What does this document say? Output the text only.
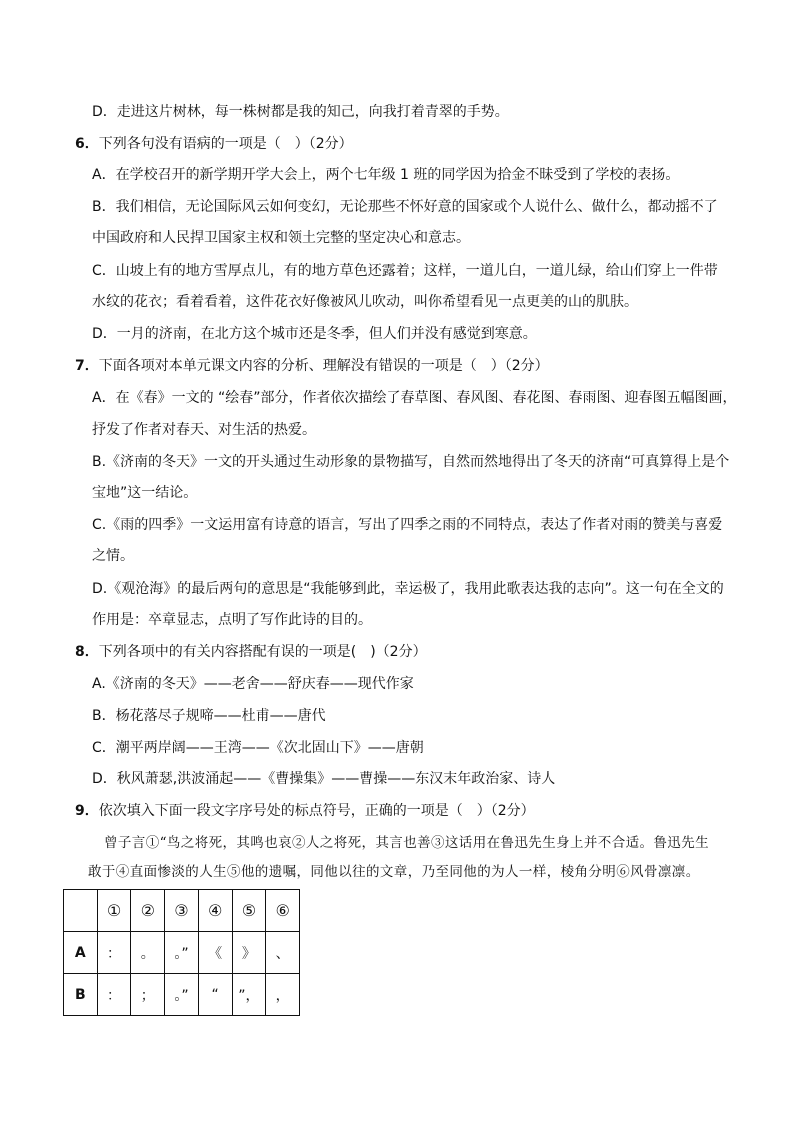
D．走进这片树林，每一株树都是我的知己，向我打着青翠的手势。
6．下列各句没有语病的一项是（　）（2分）
A．在学校召开的新学期开学大会上，两个七年级 1 班的同学因为拾金不昧受到了学校的表扬。
B．我们相信，无论国际风云如何变幻，无论那些不怀好意的国家或个人说什么、做什么，都动摇不了
中国政府和人民捍卫国家主权和领土完整的坚定决心和意志。
C．山坡上有的地方雪厚点儿，有的地方草色还露着；这样，一道儿白，一道儿绿，给山们穿上一件带
水纹的花衣；看着看着，这件花衣好像被风儿吹动，叫你希望看见一点更美的山的肌肤。
D．一月的济南，在北方这个城市还是冬季，但人们并没有感觉到寒意。
7．下面各项对本单元课文内容的分析、理解没有错误的一项是（　）（2分）
A．在《春》一文的 “绘春”部分，作者依次描绘了春草图、春风图、春花图、春雨图、迎春图五幅图画，
抒发了作者对春天、对生活的热爱。
B.《济南的冬天》一文的开头通过生动形象的景物描写，自然而然地得出了冬天的济南“可真算得上是个
宝地”这一结论。
C.《雨的四季》一文运用富有诗意的语言，写出了四季之雨的不同特点，表达了作者对雨的赞美与喜爱
之情。
D.《观沧海》的最后两句的意思是“我能够到此，幸运极了，我用此歌表达我的志向”。这一句在全文的
作用是：卒章显志，点明了写作此诗的目的。
8．下列各项中的有关内容搭配有误的一项是(　)（2分）
A.《济南的冬天》——老舍——舒庆春——现代作家
B．杨花落尽子规啼——杜甫——唐代
C．潮平两岸阔——王湾——《次北固山下》——唐朝
D．秋风萧瑟,洪波涌起——《曹操集》——曹操——东汉末年政治家、诗人
9．依次填入下面一段文字序号处的标点符号，正确的一项是（　）（2分）
曾子言①“鸟之将死，其鸣也哀②人之将死，其言也善③这话用在鲁迅先生身上并不合适。鲁迅先生
敢于④直面惨淡的人生⑤他的遗嘱，同他以往的文章，乃至同他的为人一样，棱角分明⑥风骨凛凛。
	①	②	③	④	⑤	⑥
A	：	。	。”	《	》	、
B	：	；	。”	“	”，	，
